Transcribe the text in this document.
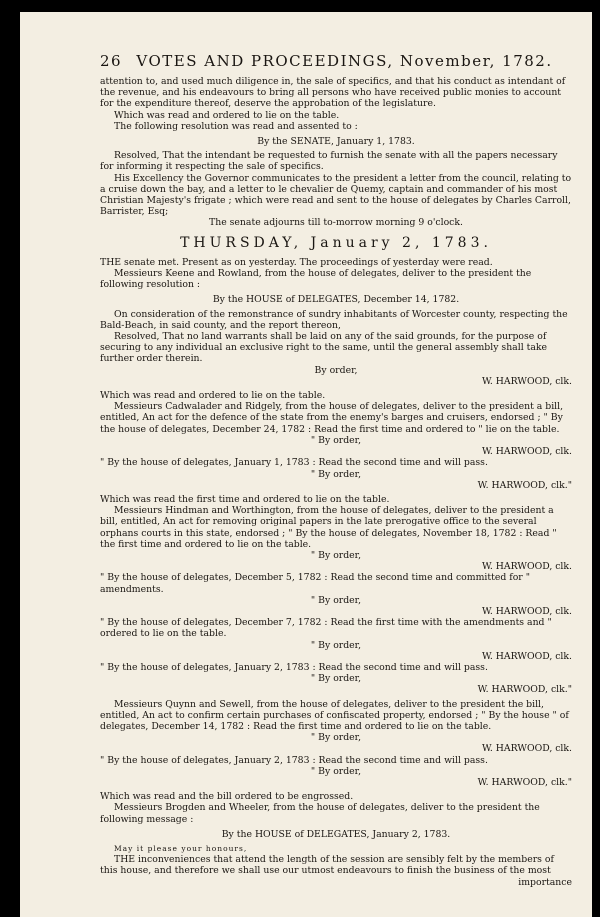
26 VOTES AND PROCEEDINGS, November, 1782.

attention to, and used much diligence in, the sale of specifics, and that his conduct as intendant of the revenue, and his endeavours to bring all persons who have received public monies to account for the expenditure thereof, deserve the approbation of the legislature.

Which was read and ordered to lie on the table.

The following resolution was read and assented to :

By the SENATE, January 1, 1783.

Resolved, That the intendant be requested to furnish the senate with all the papers necessary for informing it respecting the sale of specifics.

His Excellency the Governor communicates to the president a letter from the council, relating to a cruise down the bay, and a letter to le chevalier de Quemy, captain and commander of his most Christian Majesty's frigate ; which were read and sent to the house of delegates by Charles Carroll, Barrister, Esq;

The senate adjourns till to-morrow morning 9 o'clock.

THURSDAY, January 2, 1783.

THE senate met. Present as on yesterday. The proceedings of yesterday were read.

Messieurs Keene and Rowland, from the house of delegates, deliver to the president the following resolution :

By the HOUSE of DELEGATES, December 14, 1782.

On consideration of the remonstrance of sundry inhabitants of Worcester county, respecting the Bald-Beach, in said county, and the report thereon,

Resolved, That no land warrants shall be laid on any of the said grounds, for the purpose of securing to any individual an exclusive right to the same, until the general assembly shall take further order therein.

By order,

W. HARWOOD, clk.

Which was read and ordered to lie on the table.

Messieurs Cadwalader and Ridgely, from the house of delegates, deliver to the president a bill, entitled, An act for the defence of the state from the enemy's barges and cruisers, endorsed ; " By the house of delegates, December 24, 1782 : Read the first time and ordered to " lie on the table.

" By order,

W. HARWOOD, clk.

" By the house of delegates, January 1, 1783 : Read the second time and will pass.

" By order,

W. HARWOOD, clk."

Which was read the first time and ordered to lie on the table.

Messieurs Hindman and Worthington, from the house of delegates, deliver to the president a bill, entitled, An act for removing original papers in the late prerogative office to the several orphans courts in this state, endorsed ; " By the house of delegates, November 18, 1782 : Read " the first time and ordered to lie on the table.

" By order,

W. HARWOOD, clk.

" By the house of delegates, December 5, 1782 : Read the second time and committed for " amendments.

" By order,

W. HARWOOD, clk.

" By the house of delegates, December 7, 1782 : Read the first time with the amendments and " ordered to lie on the table.

" By order,

W. HARWOOD, clk.

" By the house of delegates, January 2, 1783 : Read the second time and will pass.

" By order,

W. HARWOOD, clk."

Messieurs Quynn and Sewell, from the house of delegates, deliver to the president the bill, entitled, An act to confirm certain purchases of confiscated property, endorsed ; " By the house " of delegates, December 14, 1782 : Read the first time and ordered to lie on the table.

" By order,

W. HARWOOD, clk.

" By the house of delegates, January 2, 1783 : Read the second time and will pass.

" By order,

W. HARWOOD, clk."

Which was read and the bill ordered to be engrossed.

Messieurs Brogden and Wheeler, from the house of delegates, deliver to the president the following message :

By the HOUSE of DELEGATES, January 2, 1783.

May it please your honours,

THE inconveniences that attend the length of the session are sensibly felt by the members of this house, and therefore we shall use our utmost endeavours to finish the business of the most

importance
